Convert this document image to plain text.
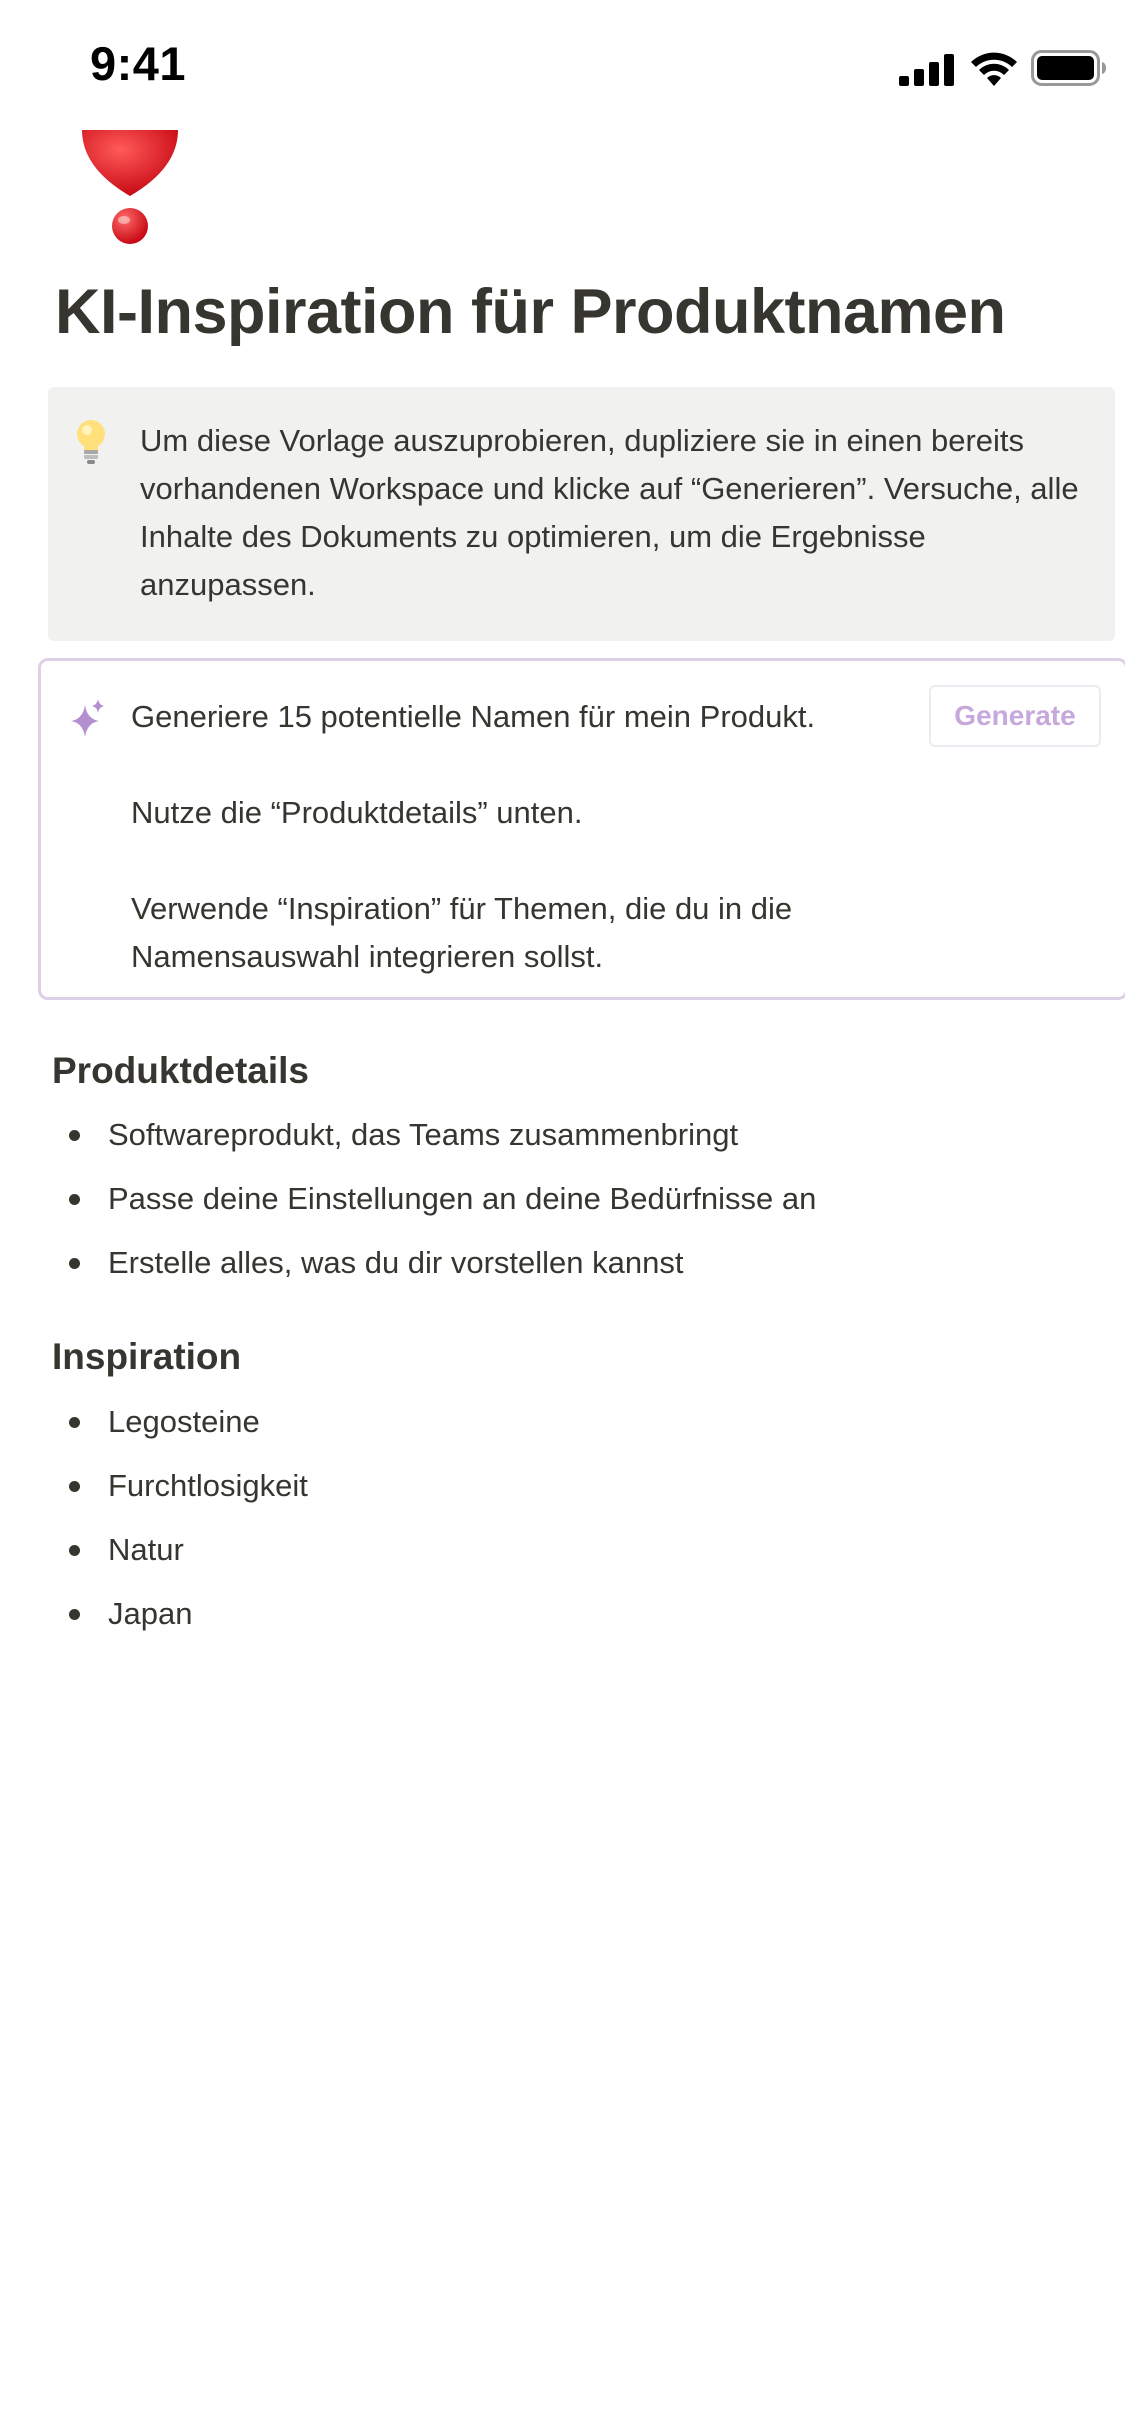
9:41
KI-Inspiration für Produktnamen
Um diese Vorlage auszuprobieren, dupliziere sie in einen bereits vorhandenen Workspace und klicke auf “Generieren”. Versuche, alle Inhalte des Dokuments zu optimieren, um die Ergebnisse anzupassen.

Generiere 15 potentielle Namen für mein Produkt.

Nutze die “Produktdetails” unten.

Verwende “Inspiration” für Themen, die du in die Namensauswahl integrieren sollst.

Generate
Produktdetails
Softwareprodukt, das Teams zusammenbringt
Passe deine Einstellungen an deine Bedürfnisse an
Erstelle alles, was du dir vorstellen kannst
Inspiration
Legosteine
Furchtlosigkeit
Natur
Japan
